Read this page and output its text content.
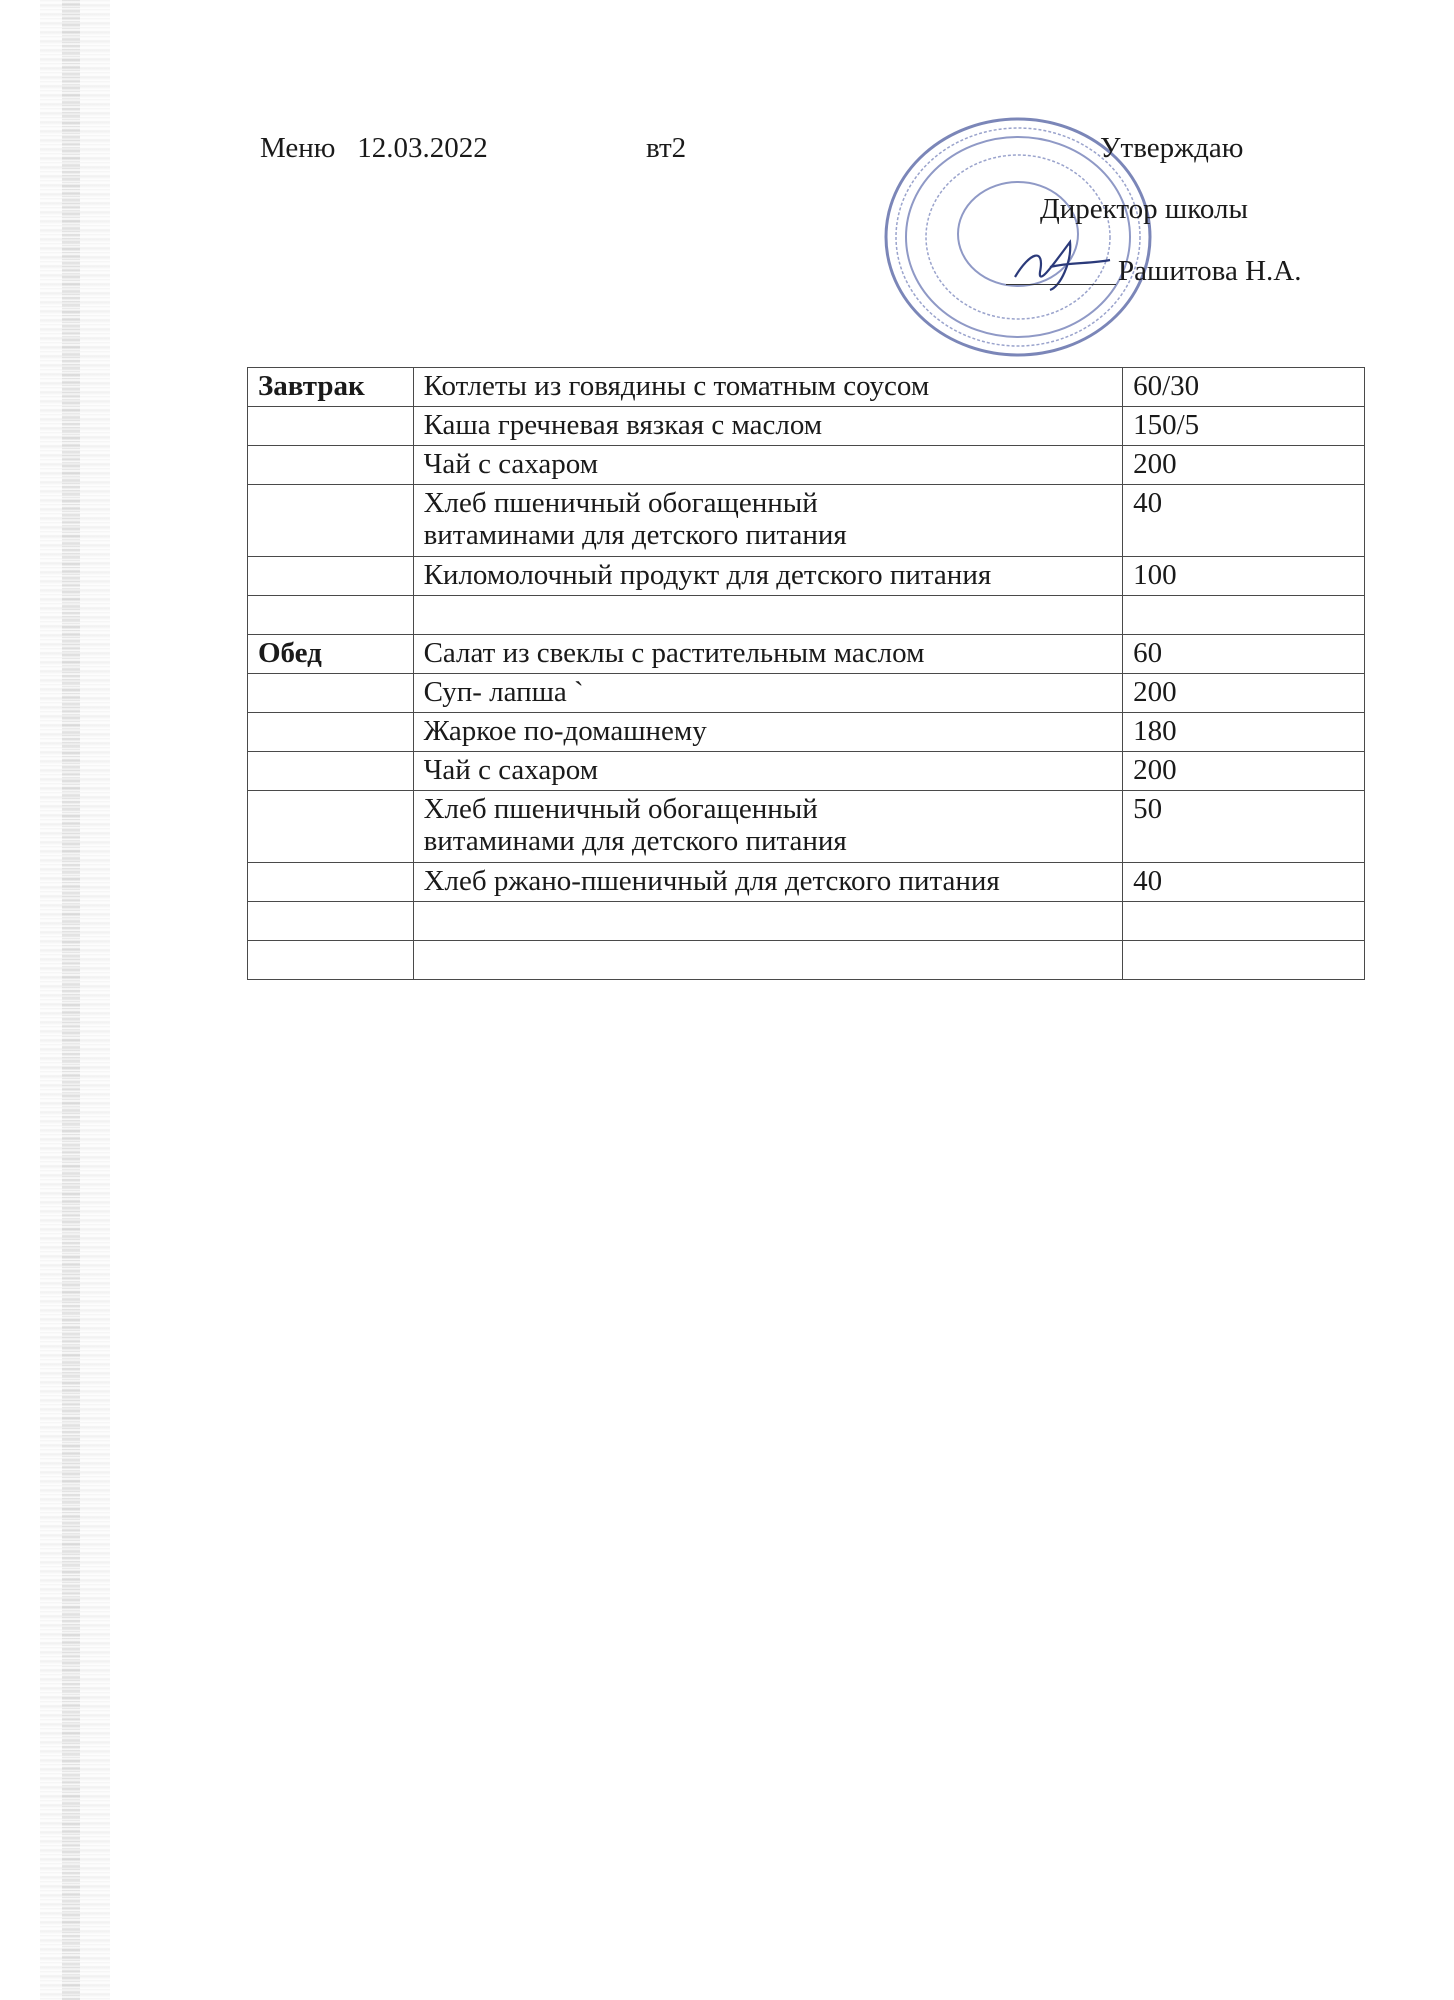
Меню   12.03.2022	вт2	Утверждаю
Директор школы
Рашитова Н.А.
Завтрак	Котлеты из говядины с томатным соусом	60/30
	Каша гречневая вязкая с маслом	150/5
	Чай с сахаром	200
	Хлеб пшеничный обогащенный
витаминами для детского питания	40
	Киломолочный продукт для детского питания	100

Обед	Салат из свеклы с растительным маслом	60
	Суп- лапша `	200
	Жаркое по-домашнему	180
	Чай с сахаром	200
	Хлеб пшеничный обогащенный
витаминами для детского питания	50
	Хлеб ржано-пшеничный для детского питания	40
